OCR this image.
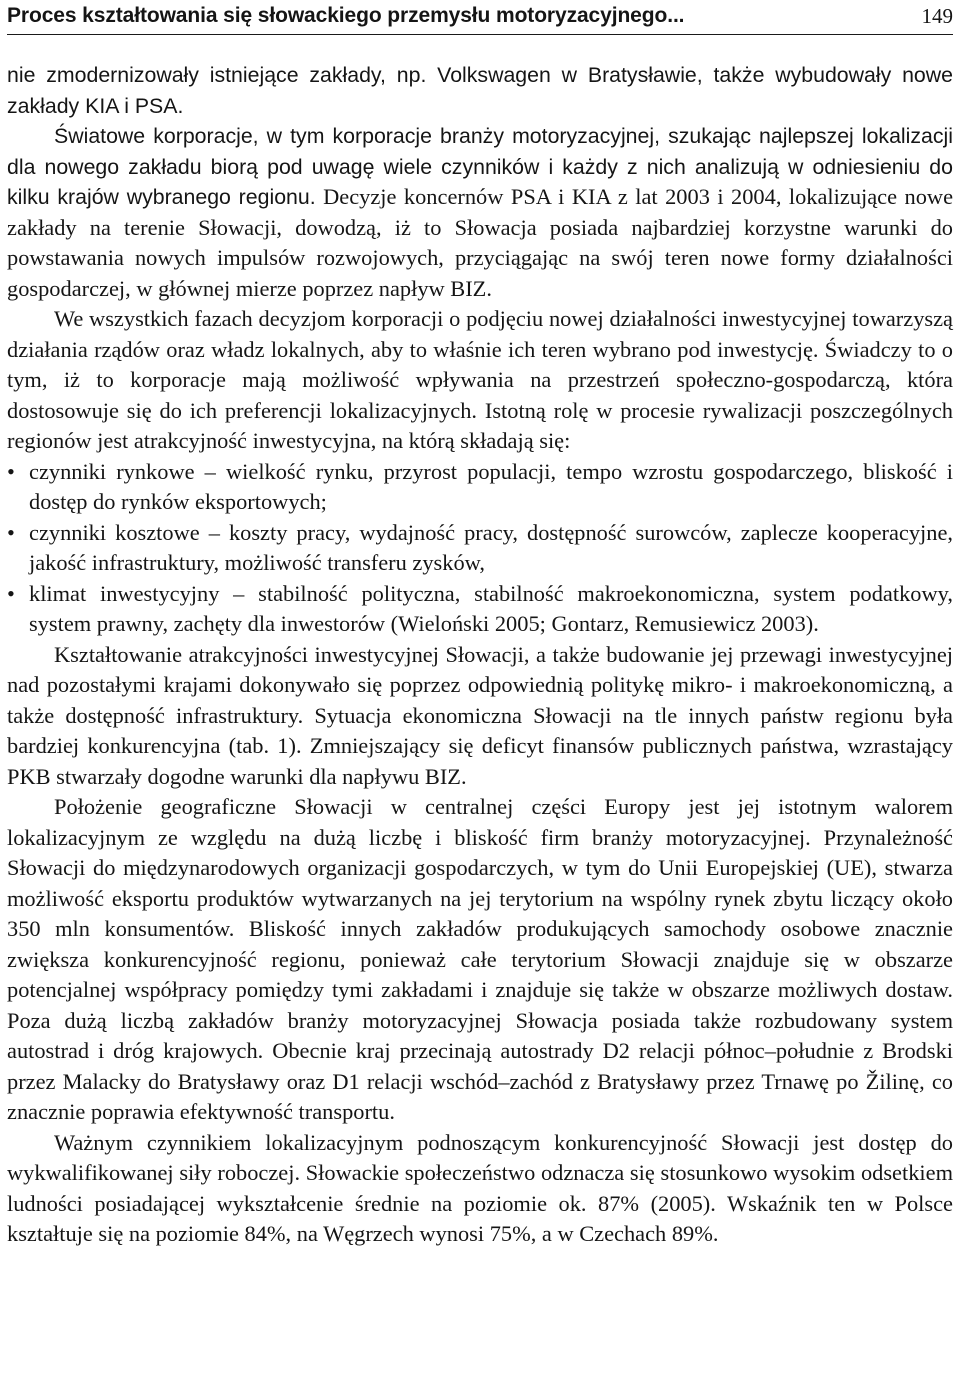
Proces kształtowania się słowackiego przemysłu motoryzacyjnego...	149

nie zmodernizowały istniejące zakłady, np. Volkswagen w Bratysławie, także wybudowały nowe zakłady KIA i PSA.

Światowe korporacje, w tym korporacje branży motoryzacyjnej, szukając najlepszej lokalizacji dla nowego zakładu biorą pod uwagę wiele czynników i każdy z nich analizują w odniesieniu do kilku krajów wybranego regionu. Decyzje koncernów PSA i KIA z lat 2003 i 2004, lokalizujące nowe zakłady na terenie Słowacji, dowodzą, iż to Słowacja posiada najbardziej korzystne warunki do powstawania nowych impulsów rozwojowych, przyciągając na swój teren nowe formy działalności gospodarczej, w głównej mierze poprzez napływ BIZ.

We wszystkich fazach decyzjom korporacji o podjęciu nowej działalności inwestycyjnej towarzyszą działania rządów oraz władz lokalnych, aby to właśnie ich teren wybrano pod inwestycję. Świadczy to o tym, iż to korporacje mają możliwość wpływania na przestrzeń społeczno-gospodarczą, która dostosowuje się do ich preferencji lokalizacyjnych. Istotną rolę w procesie rywalizacji poszczególnych regionów jest atrakcyjność inwestycyjna, na którą składają się:

• czynniki rynkowe – wielkość rynku, przyrost populacji, tempo wzrostu gospodarczego, bliskość i dostęp do rynków eksportowych;
• czynniki kosztowe – koszty pracy, wydajność pracy, dostępność surowców, zaplecze kooperacyjne, jakość infrastruktury, możliwość transferu zysków,
• klimat inwestycyjny – stabilność polityczna, stabilność makroekonomiczna, system podatkowy, system prawny, zachęty dla inwestorów (Wieloński 2005; Gontarz, Remusiewicz 2003).

Kształtowanie atrakcyjności inwestycyjnej Słowacji, a także budowanie jej przewagi inwestycyjnej nad pozostałymi krajami dokonywało się poprzez odpowiednią politykę mikro- i makroekonomiczną, a także dostępność infrastruktury. Sytuacja ekonomiczna Słowacji na tle innych państw regionu była bardziej konkurencyjna (tab. 1). Zmniejszający się deficyt finansów publicznych państwa, wzrastający PKB stwarzały dogodne warunki dla napływu BIZ.

Położenie geograficzne Słowacji w centralnej części Europy jest jej istotnym walorem lokalizacyjnym ze względu na dużą liczbę i bliskość firm branży motoryzacyjnej. Przynależność Słowacji do międzynarodowych organizacji gospodarczych, w tym do Unii Europejskiej (UE), stwarza możliwość eksportu produktów wytwarzanych na jej terytorium na wspólny rynek zbytu liczący około 350 mln konsumentów. Bliskość innych zakładów produkujących samochody osobowe znacznie zwiększa konkurencyjność regionu, ponieważ całe terytorium Słowacji znajduje się w obszarze potencjalnej współpracy pomiędzy tymi zakładami i znajduje się także w obszarze możliwych dostaw. Poza dużą liczbą zakładów branży motoryzacyjnej Słowacja posiada także rozbudowany system autostrad i dróg krajowych. Obecnie kraj przecinają autostrady D2 relacji północ–południe z Brodski przez Malacky do Bratysławy oraz D1 relacji wschód–zachód z Bratysławy przez Trnawę po Žilinę, co znacznie poprawia efektywność transportu.

Ważnym czynnikiem lokalizacyjnym podnoszącym konkurencyjność Słowacji jest dostęp do wykwalifikowanej siły roboczej. Słowackie społeczeństwo odznacza się stosunkowo wysokim odsetkiem ludności posiadającej wykształcenie średnie na poziomie ok. 87% (2005). Wskaźnik ten w Polsce kształtuje się na poziomie 84%, na Węgrzech wynosi 75%, a w Czechach 89%.
